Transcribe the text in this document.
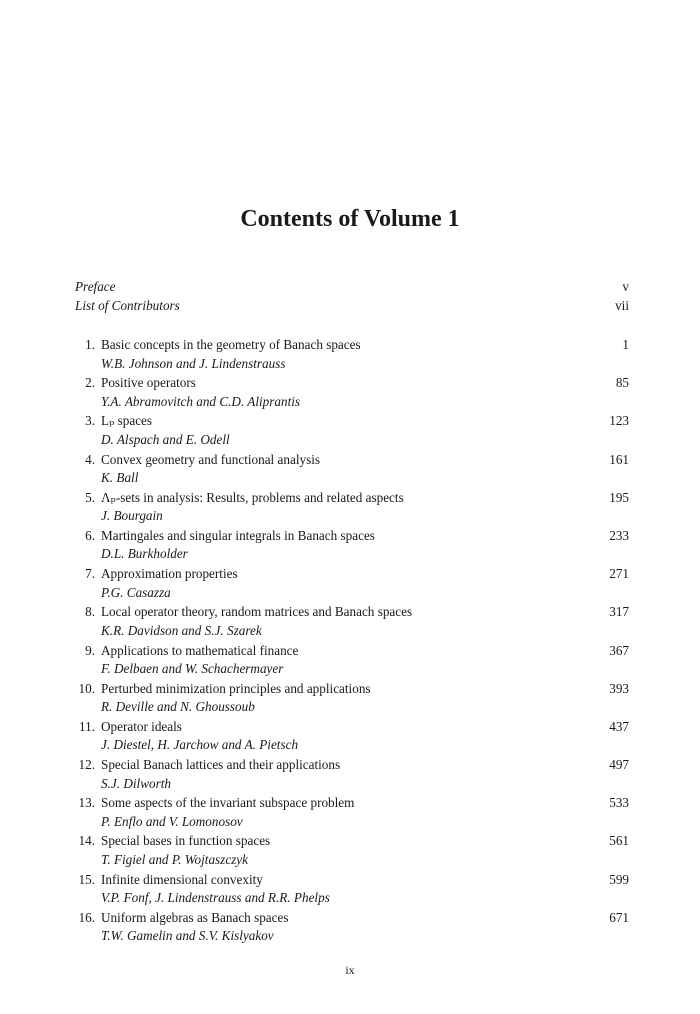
Contents of Volume 1
Preface	v
List of Contributors	vii
1. Basic concepts in the geometry of Banach spaces
W.B. Johnson and J. Lindenstrauss
1
2. Positive operators
Y.A. Abramovitch and C.D. Aliprantis
85
3. Lₚ spaces
D. Alspach and E. Odell
123
4. Convex geometry and functional analysis
K. Ball
161
5. Λₚ-sets in analysis: Results, problems and related aspects
J. Bourgain
195
6. Martingales and singular integrals in Banach spaces
D.L. Burkholder
233
7. Approximation properties
P.G. Casazza
271
8. Local operator theory, random matrices and Banach spaces
K.R. Davidson and S.J. Szarek
317
9. Applications to mathematical finance
F. Delbaen and W. Schachermayer
367
10. Perturbed minimization principles and applications
R. Deville and N. Ghoussoub
393
11. Operator ideals
J. Diestel, H. Jarchow and A. Pietsch
437
12. Special Banach lattices and their applications
S.J. Dilworth
497
13. Some aspects of the invariant subspace problem
P. Enflo and V. Lomonosov
533
14. Special bases in function spaces
T. Figiel and P. Wojtaszczyk
561
15. Infinite dimensional convexity
V.P. Fonf, J. Lindenstrauss and R.R. Phelps
599
16. Uniform algebras as Banach spaces
T.W. Gamelin and S.V. Kislyakov
671
ix
